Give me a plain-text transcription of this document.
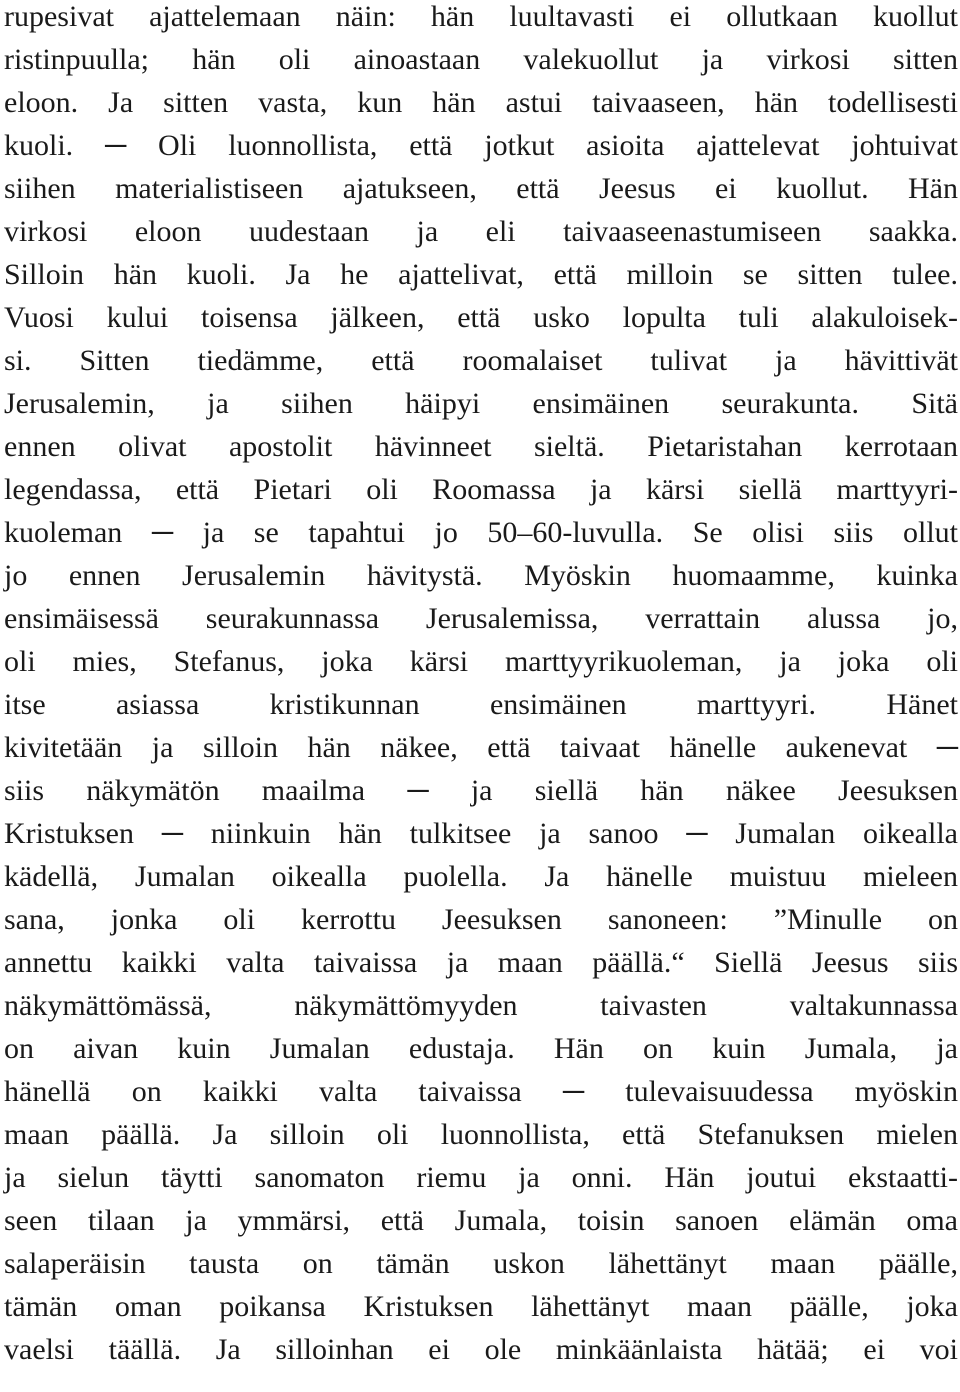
rupesivat ajattelemaan näin: hän luultavasti ei ollutkaan kuollut
ristinpuulla; hän oli ainoastaan valekuollut ja virkosi sitten
eloon. Ja sitten vasta, kun hän astui taivaaseen, hän todellisesti
kuoli. ─ Oli luonnollista, että jotkut asioita ajattelevat johtuivat
siihen materialistiseen ajatukseen, että Jeesus ei kuollut. Hän
virkosi eloon uudestaan ja eli taivaaseenastumiseen saakka.
Silloin hän kuoli. Ja he ajattelivat, että milloin se sitten tulee.
Vuosi kului toisensa jälkeen, että usko lopulta tuli alakuloisek-
si. Sitten tiedämme, että roomalaiset tulivat ja hävittivät
Jerusalemin, ja siihen häipyi ensimäinen seurakunta. Sitä
ennen olivat apostolit hävinneet sieltä. Pietaristahan kerrotaan
legendassa, että Pietari oli Roomassa ja kärsi siellä marttyyri-
kuoleman ─ ja se tapahtui jo 50‒60-luvulla. Se olisi siis ollut
jo ennen Jerusalemin hävitystä. Myöskin huomaamme, kuinka
ensimäisessä seurakunnassa Jerusalemissa, verrattain alussa jo,
oli mies, Stefanus, joka kärsi marttyyrikuoleman, ja joka oli
itse asiassa kristikunnan ensimäinen marttyyri. Hänet
kivitetään ja silloin hän näkee, että taivaat hänelle aukenevat ─
siis näkymätön maailma ─ ja siellä hän näkee Jeesuksen
Kristuksen ─ niinkuin hän tulkitsee ja sanoo ─ Jumalan oikealla
kädellä, Jumalan oikealla puolella. Ja hänelle muistuu mieleen
sana, jonka oli kerrottu Jeesuksen sanoneen: ”Minulle on
annettu kaikki valta taivaissa ja maan päällä.“ Siellä Jeesus siis
näkymättömässä, näkymättömyyden taivasten valtakunnassa
on aivan kuin Jumalan edustaja. Hän on kuin Jumala, ja
hänellä on kaikki valta taivaissa ─ tulevaisuudessa myöskin
maan päällä. Ja silloin oli luonnollista, että Stefanuksen mielen
ja sielun täytti sanomaton riemu ja onni. Hän joutui ekstaatti-
seen tilaan ja ymmärsi, että Jumala, toisin sanoen elämän oma
salaperäisin tausta on tämän uskon lähettänyt maan päälle,
tämän oman poikansa Kristuksen lähettänyt maan päälle, joka
vaelsi täällä. Ja silloinhan ei ole minkäänlaista hätää; ei voi
